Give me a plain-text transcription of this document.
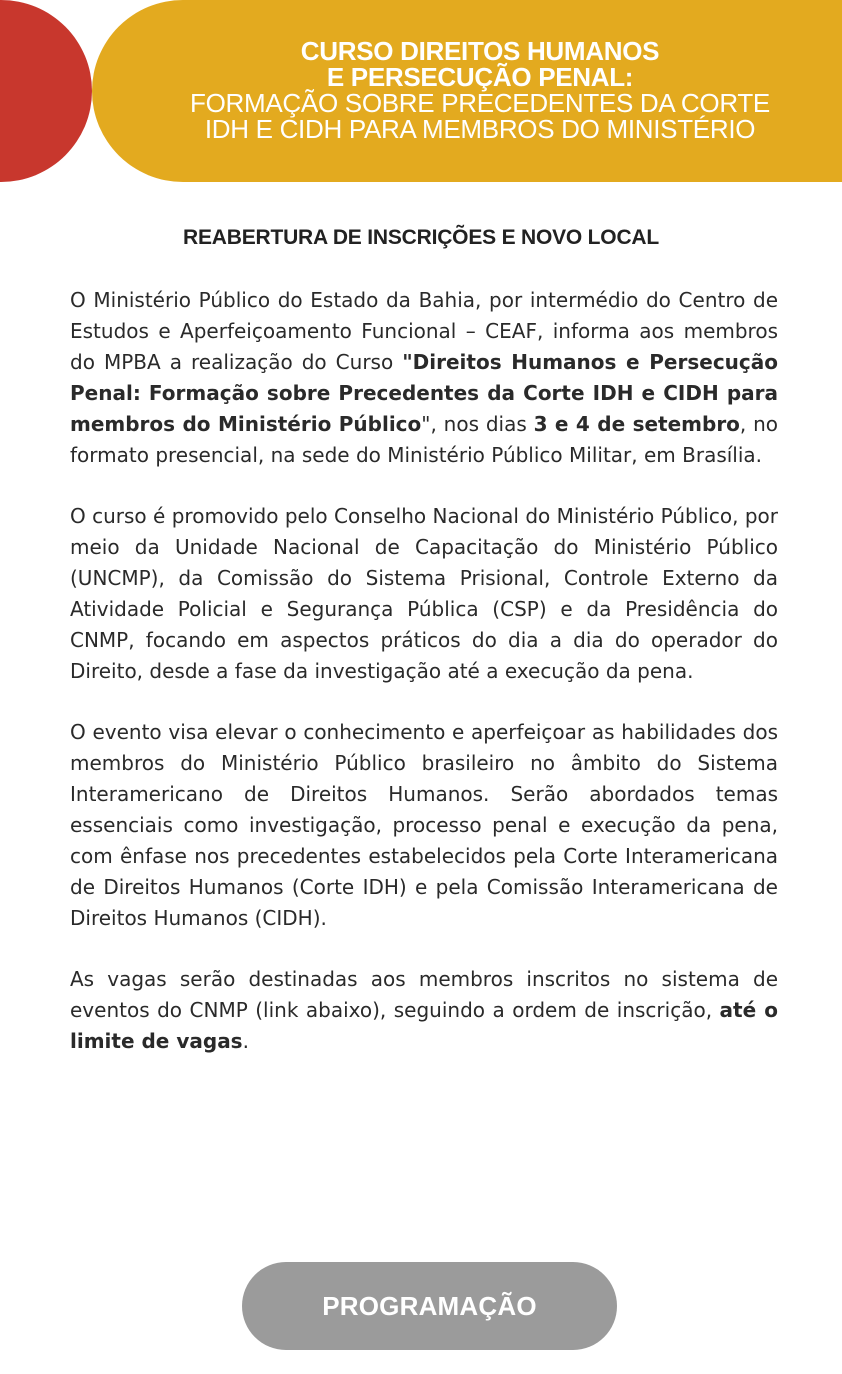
CURSO DIREITOS HUMANOS
E PERSECUÇÃO PENAL:
FORMAÇÃO SOBRE PRECEDENTES DA CORTE
IDH E CIDH PARA MEMBROS DO MINISTÉRIO
REABERTURA DE INSCRIÇÕES E NOVO LOCAL

O Ministério Público do Estado da Bahia, por intermédio do Centro de Estudos e Aperfeiçoamento Funcional – CEAF, informa aos membros do MPBA a realização do Curso "Direitos Humanos e Persecução Penal: Formação sobre Precedentes da Corte IDH e CIDH para membros do Ministério Público", nos dias 3 e 4 de setembro, no formato presencial, na sede do Ministério Público Militar, em Brasília.

O curso é promovido pelo Conselho Nacional do Ministério Público, por meio da Unidade Nacional de Capacitação do Ministério Público (UNCMP), da Comissão do Sistema Prisional, Controle Externo da Atividade Policial e Segurança Pública (CSP) e da Presidência do CNMP, focando em aspectos práticos do dia a dia do operador do Direito, desde a fase da investigação até a execução da pena.

O evento visa elevar o conhecimento e aperfeiçoar as habilidades dos membros do Ministério Público brasileiro no âmbito do Sistema Interamericano de Direitos Humanos. Serão abordados temas essenciais como investigação, processo penal e execução da pena, com ênfase nos precedentes estabelecidos pela Corte Interamericana de Direitos Humanos (Corte IDH) e pela Comissão Interamericana de Direitos Humanos (CIDH).

As vagas serão destinadas aos membros inscritos no sistema de eventos do CNMP (link abaixo), seguindo a ordem de inscrição, até o limite de vagas.

PROGRAMAÇÃO
